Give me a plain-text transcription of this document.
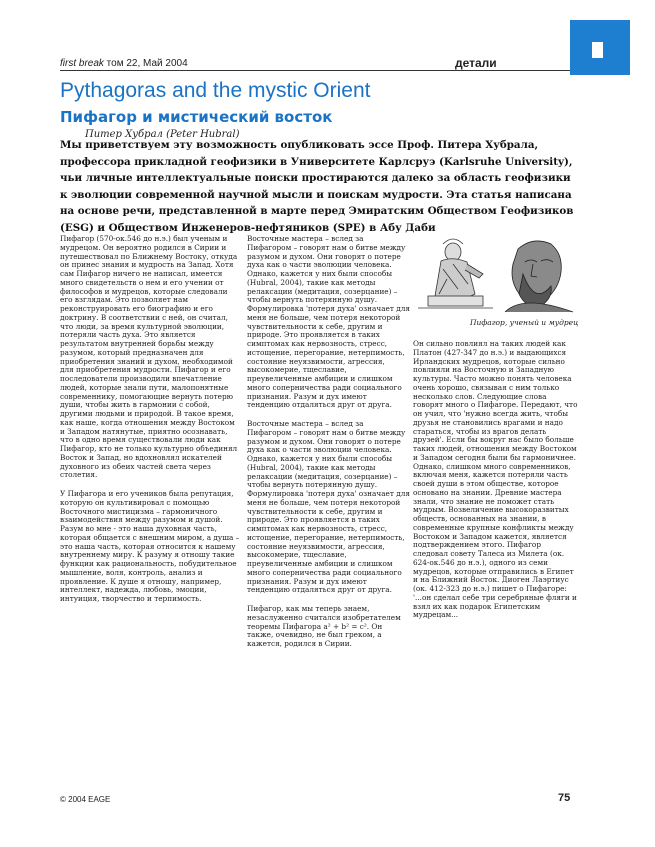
first break том 22, Май 2004	детали
Pythagoras and the mystic Orient
Пифагор и мистический восток
Питер Хубрал (Peter Hubral)
Мы приветствуем эту возможность опубликовать эссе Проф. Питера Хубрала, профессора прикладной геофизики в Университете Карлсруэ (Karlsruhe University), чьи личные интеллектуальные поиски простираются далеко за область геофизики к эволюции современной научной мысли и поискам мудрости. Эта статья написана на основе речи, представленной в марте перед Эмиратским Обществом Геофизиков (ESG) и Обществом Инженеров-нефтяников (SPE) в Абу Даби

Пифагор (570-ок.546 до н.э.) был ученым и мудрецом. Он вероятно родился в Сирии и путешествовал по Ближнему Востоку, откуда он принес знания и мудрость на Запад. Хотя сам Пифагор ничего не написал, имеется много свидетельств о нем и его учении от философов и мудрецов, которые следовали его взглядам. Это позволяет нам реконструировать его биографию и его доктрину. В соответствии с ней, он считал, что люди, за время культурной эволюции, потеряли часть духа. Это является результатом внутренней борьбы между разумом, который предназначен для приобретения знаний и духом, необходимой для приобретения мудрости. Пифагор и его последователи производили впечатление людей, которые знали пути, малопонятные современнику, помогающие вернуть потерю души, чтобы жить в гармонии с собой, другими людьми и природой. В такое время, как наше, когда отношения между Востоком и Западом натянутые, приятно осознавать, что в одно время существовали люди как Пифагор, кто не только культурно объединял Восток и Запад, но вдохновлял искателей духовного из обеих частей света через столетия.

У Пифагора и его учеников была репутация, которую он культивировал с помощью Восточного мистицизма – гармоничного взаимодействия между разумом и душой. Разум во мне - это наша духовная часть, которая общается с внешним миром, а душа – это наша часть, которая относится к нашему внутреннему миру. К разуму я отношу такие функции как рациональность, побудительное мышление, воля, контроль, анализ и проявление. К душе я отношу, например, интеллект, надежда, любовь, эмоции, интуиция, творчество и терпимость.

Восточные мастера – вслед за Пифагором – говорят нам о битве между разумом и духом. Они говорят о потере духа как о части эволюции человека. Однако, кажется у них были способы (Hubral, 2004), такие как методы релаксации (медитация, созерцание) – чтобы вернуть потерянную душу. Формулировка 'потеря духа' означает для меня не больше, чем потеря некоторой чувствительности к себе, другим и природе. Это проявляется в таких симптомах как нервозность, стресс, истощение, перегорание, нетерпимость, состояние неуязвимости, агрессия, высокомерие, тщеславие, преувеличенные амбиции и слишком много соперничества ради социального признания. Разум и дух имеют тенденцию отдаляться друг от друга.

Восточные мастера – вслед за Пифагором – говорят нам о битве между разумом и духом. Они говорят о потере духа как о части эволюции человека. Однако, кажется у них были способы (Hubral, 2004), такие как методы релаксации (медитация, созерцание) – чтобы вернуть потерянную душу. Формулировка 'потеря духа' означает для меня не больше, чем потеря некоторой чувствительности к себе, другим и природе. Это проявляется в таких симптомах как нервозность, стресс, истощение, перегорание, нетерпимость, состояние неуязвимости, агрессия, высокомерие, тщеславие, преувеличенные амбиции и слишком много соперничества ради социального признания. Разум и дух имеют тенденцию отдаляться друг от друга.

Пифагор, как мы теперь знаем, незаслуженно считался изобретателем теоремы Пифагора a² + b² = c². Он также, очевидно, не был греком, а кажется, родился в Сирии.

Пифагор, ученый и мудрец

Он сильно повлиял на таких людей как Платон (427-347 до н.э.) и выдающихся Ирландских мудрецов, которые сильно повлияли на Восточную и Западную культуры. Часто можно понять человека очень хорошо, связывая с ним только несколько слов. Следующие слова говорят много о Пифагоре. Передают, что он учил, что 'нужно всегда жить, чтобы друзья не становились врагами и надо стараться, чтобы из врагов делать друзей'. Если бы вокруг нас было больше таких людей, отношения между Востоком и Западом сегодня были бы гармоничнее. Однако, слишком много современников, включая меня, кажется потеряли часть своей души в этом обществе, которое основано на знании. Древние мастера знали, что знание не поможет стать мудрым. Возвеличение высокоразвитых обществ, основанных на знании, в современные крупные конфликты между Востоком и Западом кажется, является подтверждением этого. Пифагор следовал совету Талеса из Милета (ок. 624-ок.546 до н.э.), одного из семи мудрецов, которые отправились в Египет и на Ближний Восток. Диоген Лаэртиус (ок. 412-323 до н.э.) пишет о Пифагоре: '...он сделал себе три серебряные фляги и взял их как подарок Египетским мудрецам...

© 2004 EAGE	75
